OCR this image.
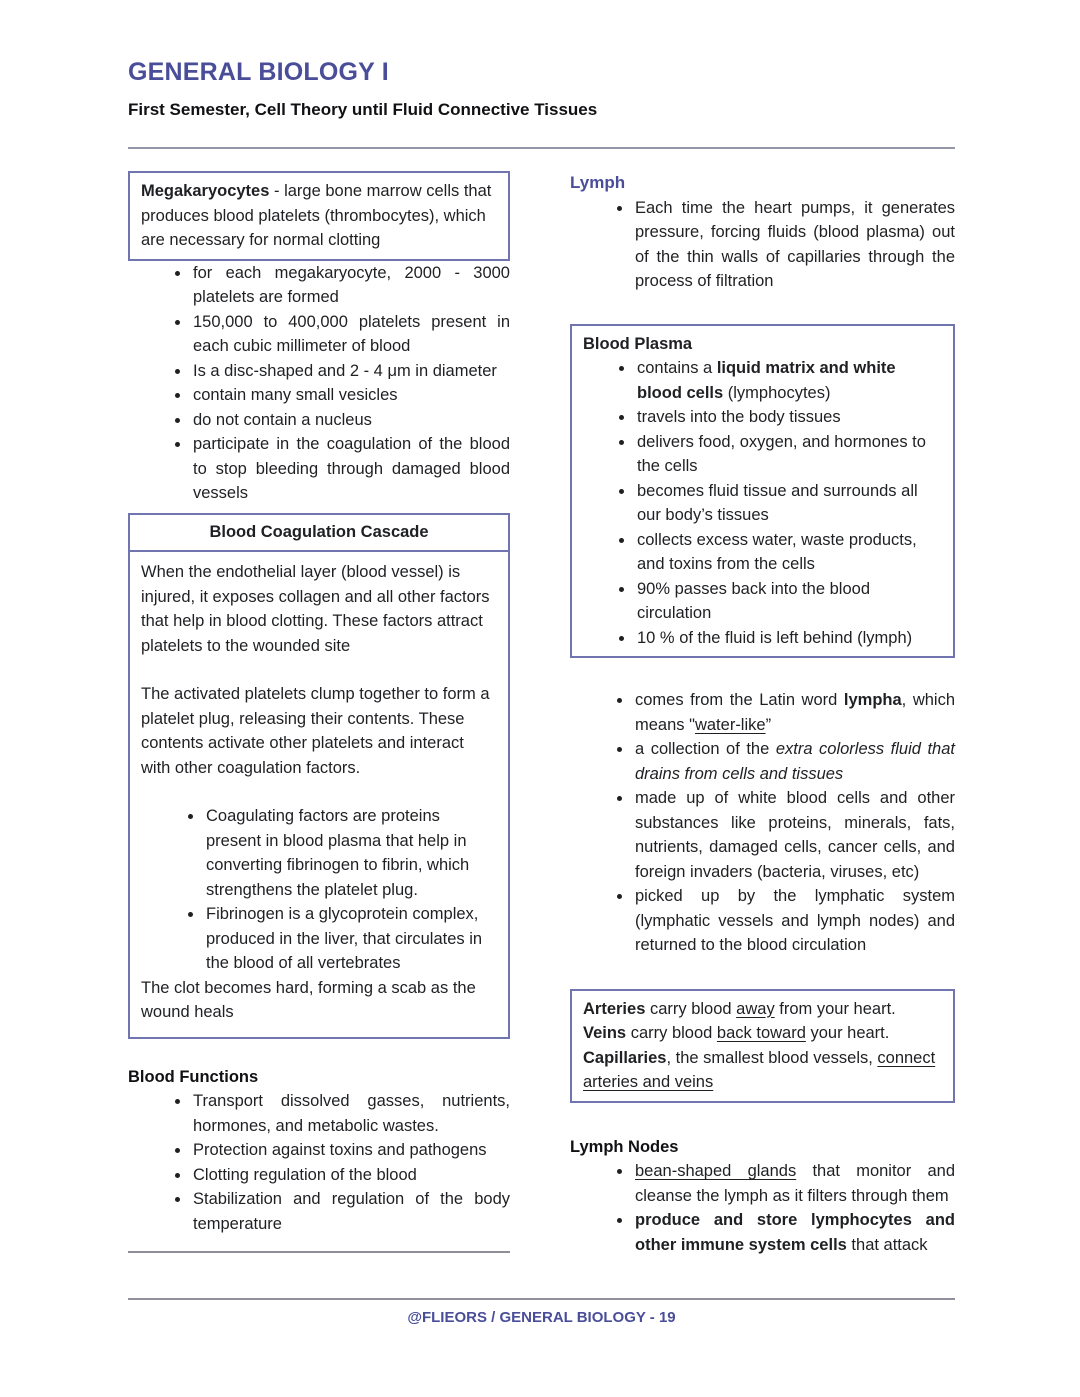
GENERAL BIOLOGY I
First Semester, Cell Theory until Fluid Connective Tissues

Megakaryocytes - large bone marrow cells that produces blood platelets (thrombocytes), which are necessary for normal clotting

• for each megakaryocyte, 2000 - 3000 platelets are formed
• 150,000 to 400,000 platelets present in each cubic millimeter of blood
• Is a disc-shaped and 2 - 4 μm in diameter
• contain many small vesicles
• do not contain a nucleus
• participate in the coagulation of the blood to stop bleeding through damaged blood vessels
Blood Coagulation Cascade

When the endothelial layer (blood vessel) is injured, it exposes collagen and all other factors that help in blood clotting. These factors attract platelets to the wounded site

The activated platelets clump together to form a platelet plug, releasing their contents. These contents activate other platelets and interact with other coagulation factors.

• Coagulating factors are proteins present in blood plasma that help in converting fibrinogen to fibrin, which strengthens the platelet plug.
• Fibrinogen is a glycoprotein complex, produced in the liver, that circulates in the blood of all vertebrates

The clot becomes hard, forming a scab as the wound heals

Blood Functions
• Transport dissolved gasses, nutrients, hormones, and metabolic wastes.
• Protection against toxins and pathogens
• Clotting regulation of the blood
• Stabilization and regulation of the body temperature
Lymph
• Each time the heart pumps, it generates pressure, forcing fluids (blood plasma) out of the thin walls of capillaries through the process of filtration
Blood Plasma
• contains a liquid matrix and white blood cells (lymphocytes)
• travels into the body tissues
• delivers food, oxygen, and hormones to the cells
• becomes fluid tissue and surrounds all our body’s tissues
• collects excess water, waste products, and toxins from the cells
• 90% passes back into the blood circulation
• 10 % of the fluid is left behind (lymph)
• comes from the Latin word lympha, which means "water-like”
• a collection of the extra colorless fluid that drains from cells and tissues
• made up of white blood cells and other substances like proteins, minerals, fats, nutrients, damaged cells, cancer cells, and foreign invaders (bacteria, viruses, etc)
• picked up by the lymphatic system (lymphatic vessels and lymph nodes) and returned to the blood circulation
Arteries carry blood away from your heart.
Veins carry blood back toward your heart.
Capillaries, the smallest blood vessels, connect arteries and veins
Lymph Nodes
• bean-shaped glands that monitor and cleanse the lymph as it filters through them
• produce and store lymphocytes and other immune system cells that attack
@FLIEORS / GENERAL BIOLOGY - 19
